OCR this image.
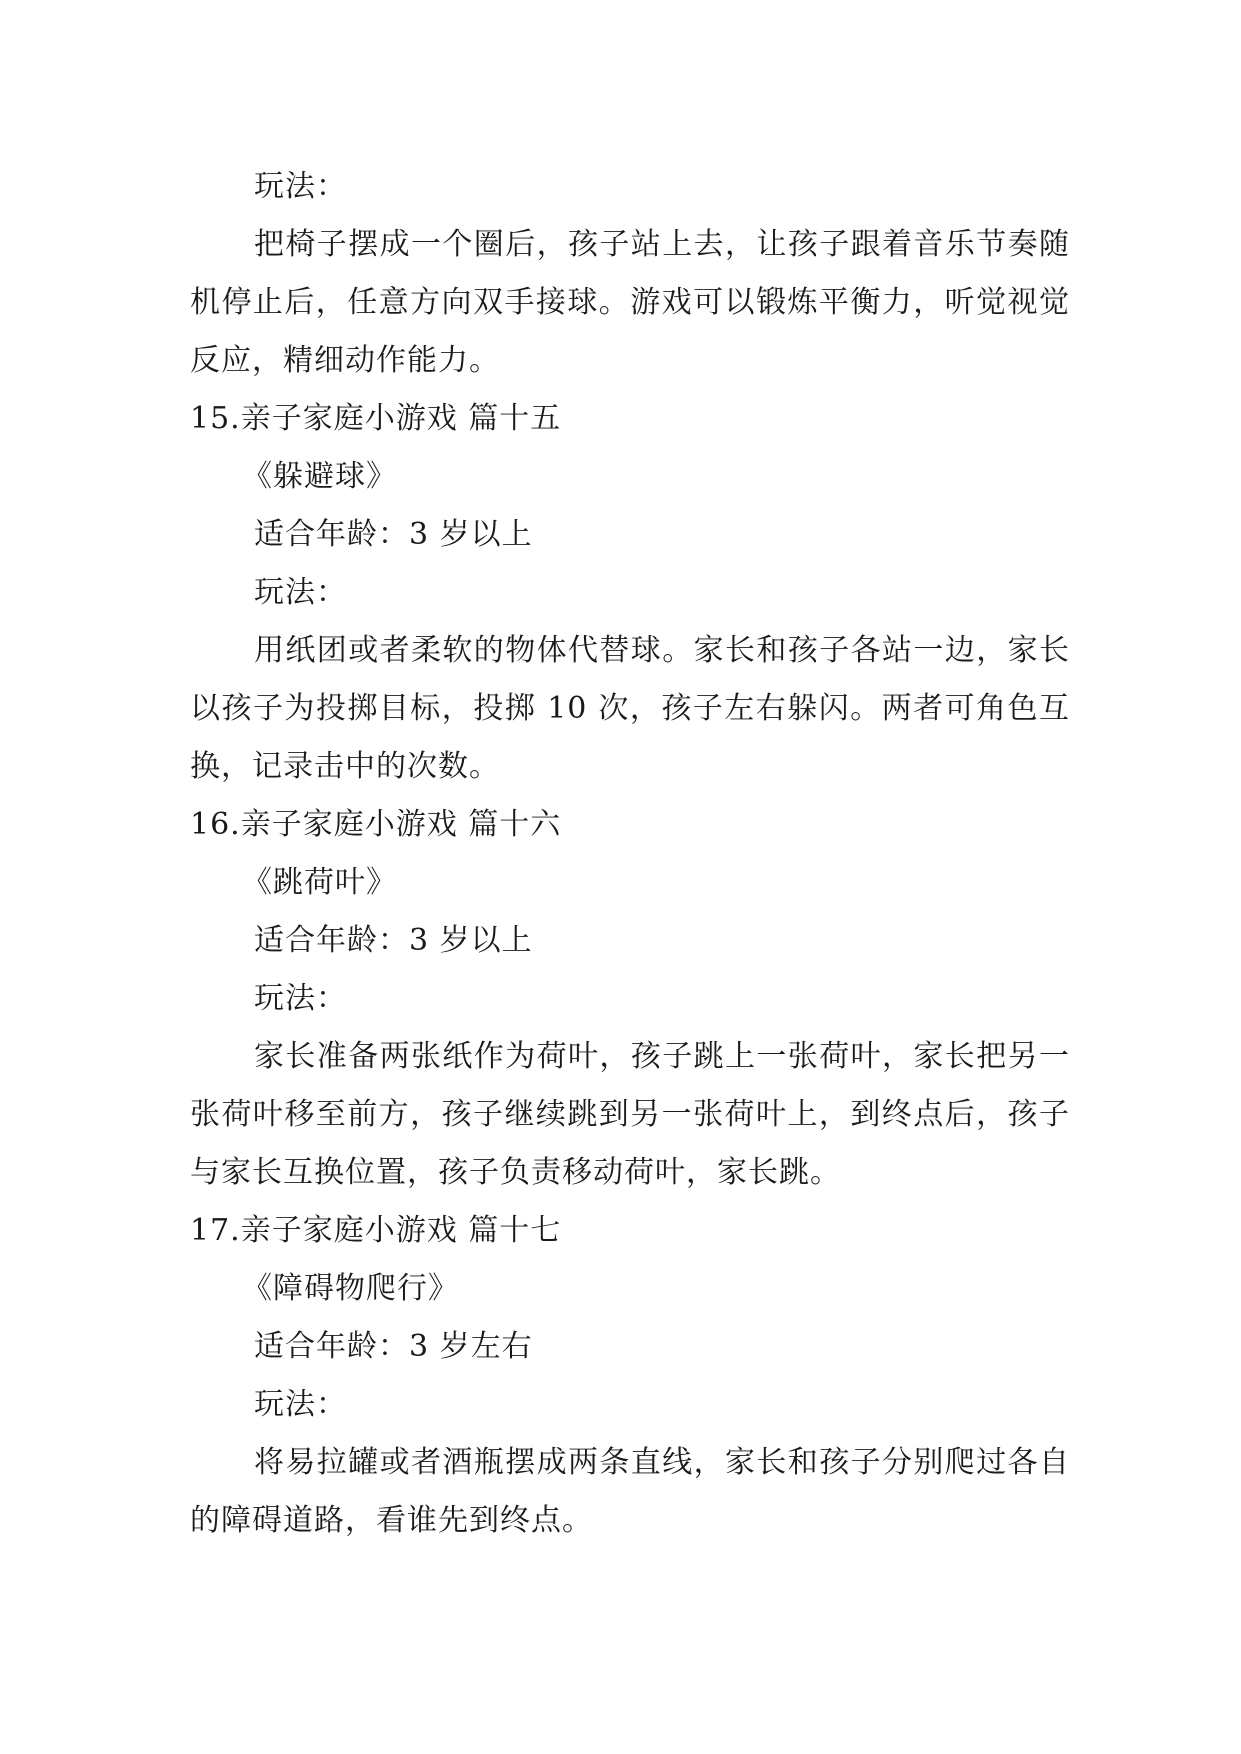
玩法：

把椅子摆成一个圈后，孩子站上去，让孩子跟着音乐节奏随机停止后，任意方向双手接球。游戏可以锻炼平衡力，听觉视觉反应，精细动作能力。

15.亲子家庭小游戏 篇十五

《躲避球》

适合年龄：3 岁以上

玩法：

用纸团或者柔软的物体代替球。家长和孩子各站一边，家长以孩子为投掷目标，投掷 10 次，孩子左右躲闪。两者可角色互换，记录击中的次数。

16.亲子家庭小游戏 篇十六

《跳荷叶》

适合年龄：3 岁以上

玩法：

家长准备两张纸作为荷叶，孩子跳上一张荷叶，家长把另一张荷叶移至前方，孩子继续跳到另一张荷叶上，到终点后，孩子与家长互换位置，孩子负责移动荷叶，家长跳。

17.亲子家庭小游戏 篇十七

《障碍物爬行》

适合年龄：3 岁左右

玩法：

将易拉罐或者酒瓶摆成两条直线，家长和孩子分别爬过各自的障碍道路，看谁先到终点。
